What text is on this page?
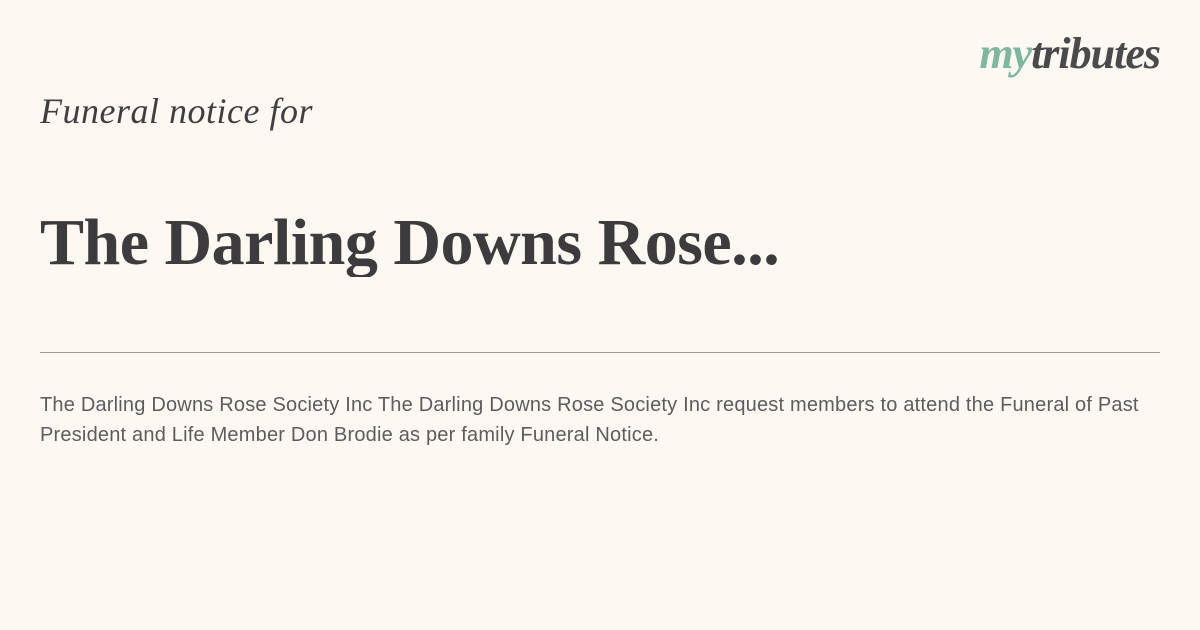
mytributes
Funeral notice for
The Darling Downs Rose...

The Darling Downs Rose Society Inc The Darling Downs Rose Society Inc request members to attend the Funeral of Past President and Life Member Don Brodie as per family Funeral Notice.
